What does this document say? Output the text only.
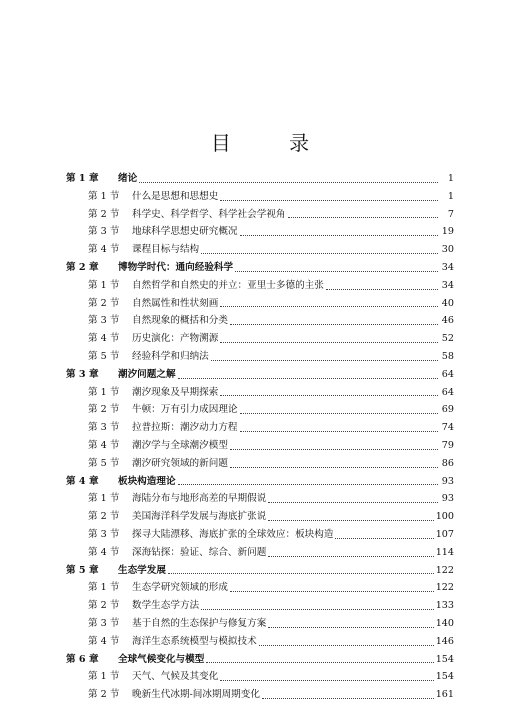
目 录
第 1 章	绪论	1
第 1 节	什么是思想和思想史	1
第 2 节	科学史、科学哲学、科学社会学视角	7
第 3 节	地球科学思想史研究概况	19
第 4 节	课程目标与结构	30
第 2 章	博物学时代：通向经验科学	34
第 1 节	自然哲学和自然史的并立：亚里士多德的主张	34
第 2 节	自然属性和性状刻画	40
第 3 节	自然现象的概括和分类	46
第 4 节	历史演化：产物溯源	52
第 5 节	经验科学和归纳法	58
第 3 章	潮汐问题之解	64
第 1 节	潮汐现象及早期探索	64
第 2 节	牛顿：万有引力成因理论	69
第 3 节	拉普拉斯：潮汐动力方程	74
第 4 节	潮汐学与全球潮汐模型	79
第 5 节	潮汐研究领域的新问题	86
第 4 章	板块构造理论	93
第 1 节	海陆分布与地形高差的早期假说	93
第 2 节	美国海洋科学发展与海底扩张说	100
第 3 节	探寻大陆漂移、海底扩张的全球效应：板块构造	107
第 4 节	深海钻探：验证、综合、新问题	114
第 5 章	生态学发展	122
第 1 节	生态学研究领域的形成	122
第 2 节	数学生态学方法	133
第 3 节	基于自然的生态保护与修复方案	140
第 4 节	海洋生态系统模型与模拟技术	146
第 6 章	全球气候变化与模型	154
第 1 节	天气、气候及其变化	154
第 2 节	晚新生代冰期-间冰期周期变化	161
